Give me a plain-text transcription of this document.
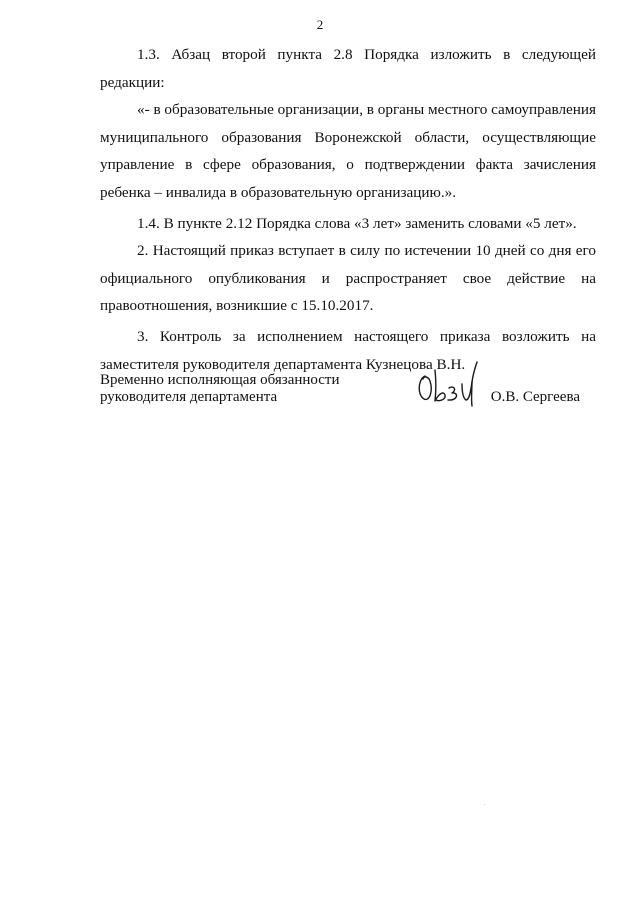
2

1.3. Абзац второй пункта 2.8 Порядка изложить в следующей редакции:

«- в образовательные организации, в органы местного самоуправления муниципального образования Воронежской области, осуществляющие управление в сфере образования, о подтверждении факта зачисления ребенка – инвалида в образовательную организацию.».

1.4. В пункте 2.12 Порядка слова «3 лет» заменить словами «5 лет».

2. Настоящий приказ вступает в силу по истечении 10 дней со дня его официального опубликования и распространяет свое действие на правоотношения, возникшие с 15.10.2017.

3. Контроль за исполнением настоящего приказа возложить на заместителя руководителя департамента Кузнецова В.Н.

Временно исполняющая обязанности
руководителя департамента	О.В. Сергеева
